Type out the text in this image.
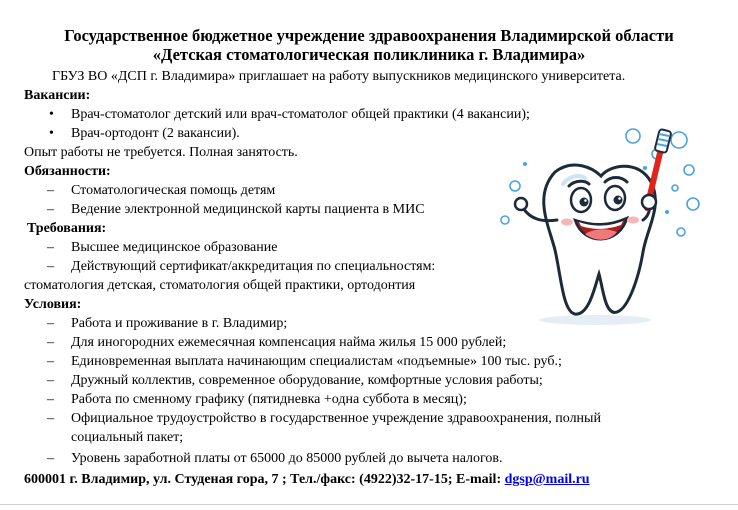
Государственное бюджетное учреждение здравоохранения Владимирской области
«Детская стоматологическая поликлиника г. Владимира»
ГБУЗ ВО «ДСП г. Владимира» приглашает на работу выпускников медицинского университета.
Вакансии:
• Врач-стоматолог детский или врач-стоматолог общей практики (4 вакансии);
• Врач-ортодонт (2 вакансии).
Опыт работы не требуется. Полная занятость.
Обязанности:
– Стоматологическая помощь детям
– Ведение электронной медицинской карты пациента в МИС
Требования:
– Высшее медицинское образование
– Действующий сертификат/аккредитация по специальностям:
стоматология детская, стоматология общей практики, ортодонтия
Условия:
– Работа и проживание в г. Владимир;
– Для иногородних ежемесячная компенсация найма жилья 15 000 рублей;
– Единовременная выплата начинающим специалистам «подъемные» 100 тыс. руб.;
– Дружный коллектив, современное оборудование, комфортные условия работы;
– Работа по сменному графику (пятидневка +одна суббота в месяц);
– Официальное трудоустройство в государственное учреждение здравоохранения, полный
социальный пакет;
– Уровень заработной платы от 65000 до 85000 рублей до вычета налогов.
600001 г. Владимир, ул. Студеная гора, 7 ; Тел./факс: (4922)32-17-15; E-mail: dgsp@mail.ru
